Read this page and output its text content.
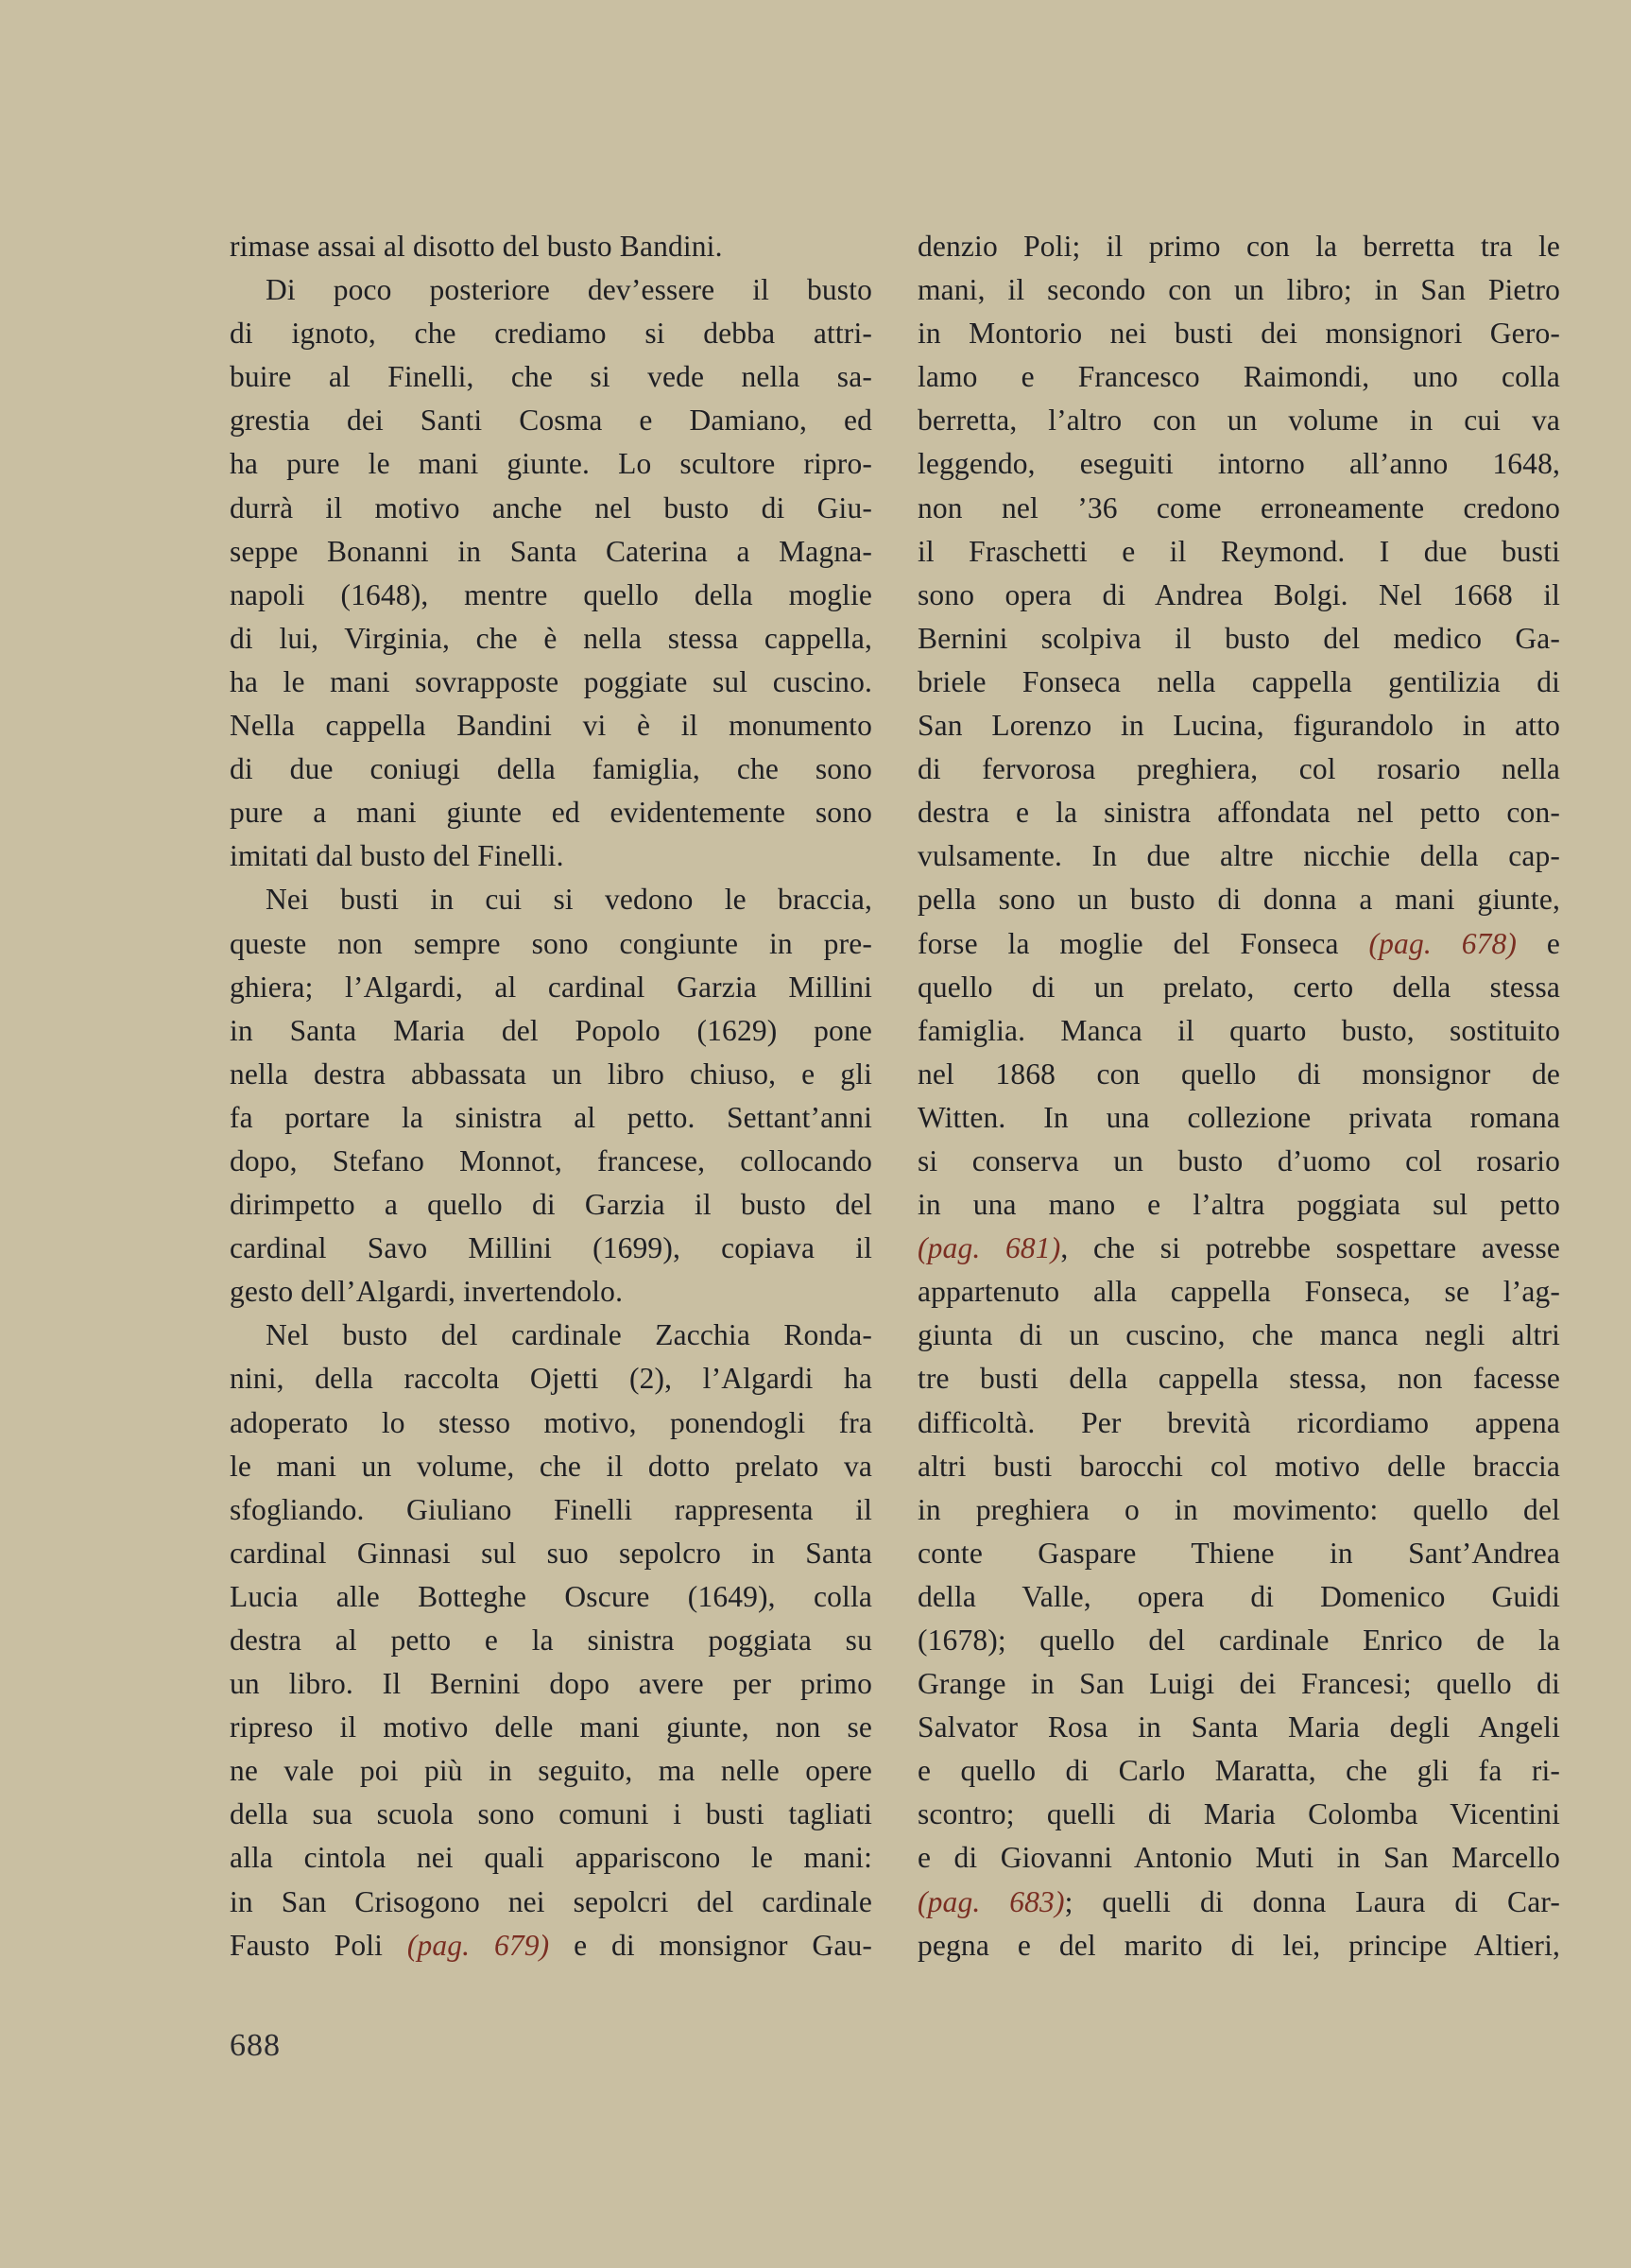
rimase assai al disotto del busto Bandini.
Di poco posteriore dev’essere il busto
di ignoto, che crediamo si debba attri-
buire al Finelli, che si vede nella sa-
grestia dei Santi Cosma e Damiano, ed
ha pure le mani giunte. Lo scultore ripro-
durrà il motivo anche nel busto di Giu-
seppe Bonanni in Santa Caterina a Magna-
napoli (1648), mentre quello della moglie
di lui, Virginia, che è nella stessa cappella,
ha le mani sovrapposte poggiate sul cuscino.
Nella cappella Bandini vi è il monumento
di due coniugi della famiglia, che sono
pure a mani giunte ed evidentemente sono
imitati dal busto del Finelli.
Nei busti in cui si vedono le braccia,
queste non sempre sono congiunte in pre-
ghiera; l’Algardi, al cardinal Garzia Millini
in Santa Maria del Popolo (1629) pone
nella destra abbassata un libro chiuso, e gli
fa portare la sinistra al petto. Settant’anni
dopo, Stefano Monnot, francese, collocando
dirimpetto a quello di Garzia il busto del
cardinal Savo Millini (1699), copiava il
gesto dell’Algardi, invertendolo.
Nel busto del cardinale Zacchia Ronda-
nini, della raccolta Ojetti (2), l’Algardi ha
adoperato lo stesso motivo, ponendogli fra
le mani un volume, che il dotto prelato va
sfogliando. Giuliano Finelli rappresenta il
cardinal Ginnasi sul suo sepolcro in Santa
Lucia alle Botteghe Oscure (1649), colla
destra al petto e la sinistra poggiata su
un libro. Il Bernini dopo avere per primo
ripreso il motivo delle mani giunte, non se
ne vale poi più in seguito, ma nelle opere
della sua scuola sono comuni i busti tagliati
alla cintola nei quali appariscono le mani:
in San Crisogono nei sepolcri del cardinale
Fausto Poli (pag. 679) e di monsignor Gau-
denzio Poli; il primo con la berretta tra le
mani, il secondo con un libro; in San Pietro
in Montorio nei busti dei monsignori Gero-
lamo e Francesco Raimondi, uno colla
berretta, l’altro con un volume in cui va
leggendo, eseguiti intorno all’anno 1648,
non nel ’36 come erroneamente credono
il Fraschetti e il Reymond. I due busti
sono opera di Andrea Bolgi. Nel 1668 il
Bernini scolpiva il busto del medico Ga-
briele Fonseca nella cappella gentilizia di
San Lorenzo in Lucina, figurandolo in atto
di fervorosa preghiera, col rosario nella
destra e la sinistra affondata nel petto con-
vulsamente. In due altre nicchie della cap-
pella sono un busto di donna a mani giunte,
forse la moglie del Fonseca (pag. 678) e
quello di un prelato, certo della stessa
famiglia. Manca il quarto busto, sostituito
nel 1868 con quello di monsignor de
Witten. In una collezione privata romana
si conserva un busto d’uomo col rosario
in una mano e l’altra poggiata sul petto
(pag. 681), che si potrebbe sospettare avesse
appartenuto alla cappella Fonseca, se l’ag-
giunta di un cuscino, che manca negli altri
tre busti della cappella stessa, non facesse
difficoltà. Per brevità ricordiamo appena
altri busti barocchi col motivo delle braccia
in preghiera o in movimento: quello del
conte Gaspare Thiene in Sant’Andrea
della Valle, opera di Domenico Guidi
(1678); quello del cardinale Enrico de la
Grange in San Luigi dei Francesi; quello di
Salvator Rosa in Santa Maria degli Angeli
e quello di Carlo Maratta, che gli fa ri-
scontro; quelli di Maria Colomba Vicentini
e di Giovanni Antonio Muti in San Marcello
(pag. 683); quelli di donna Laura di Car-
pegna e del marito di lei, principe Altieri,
688
